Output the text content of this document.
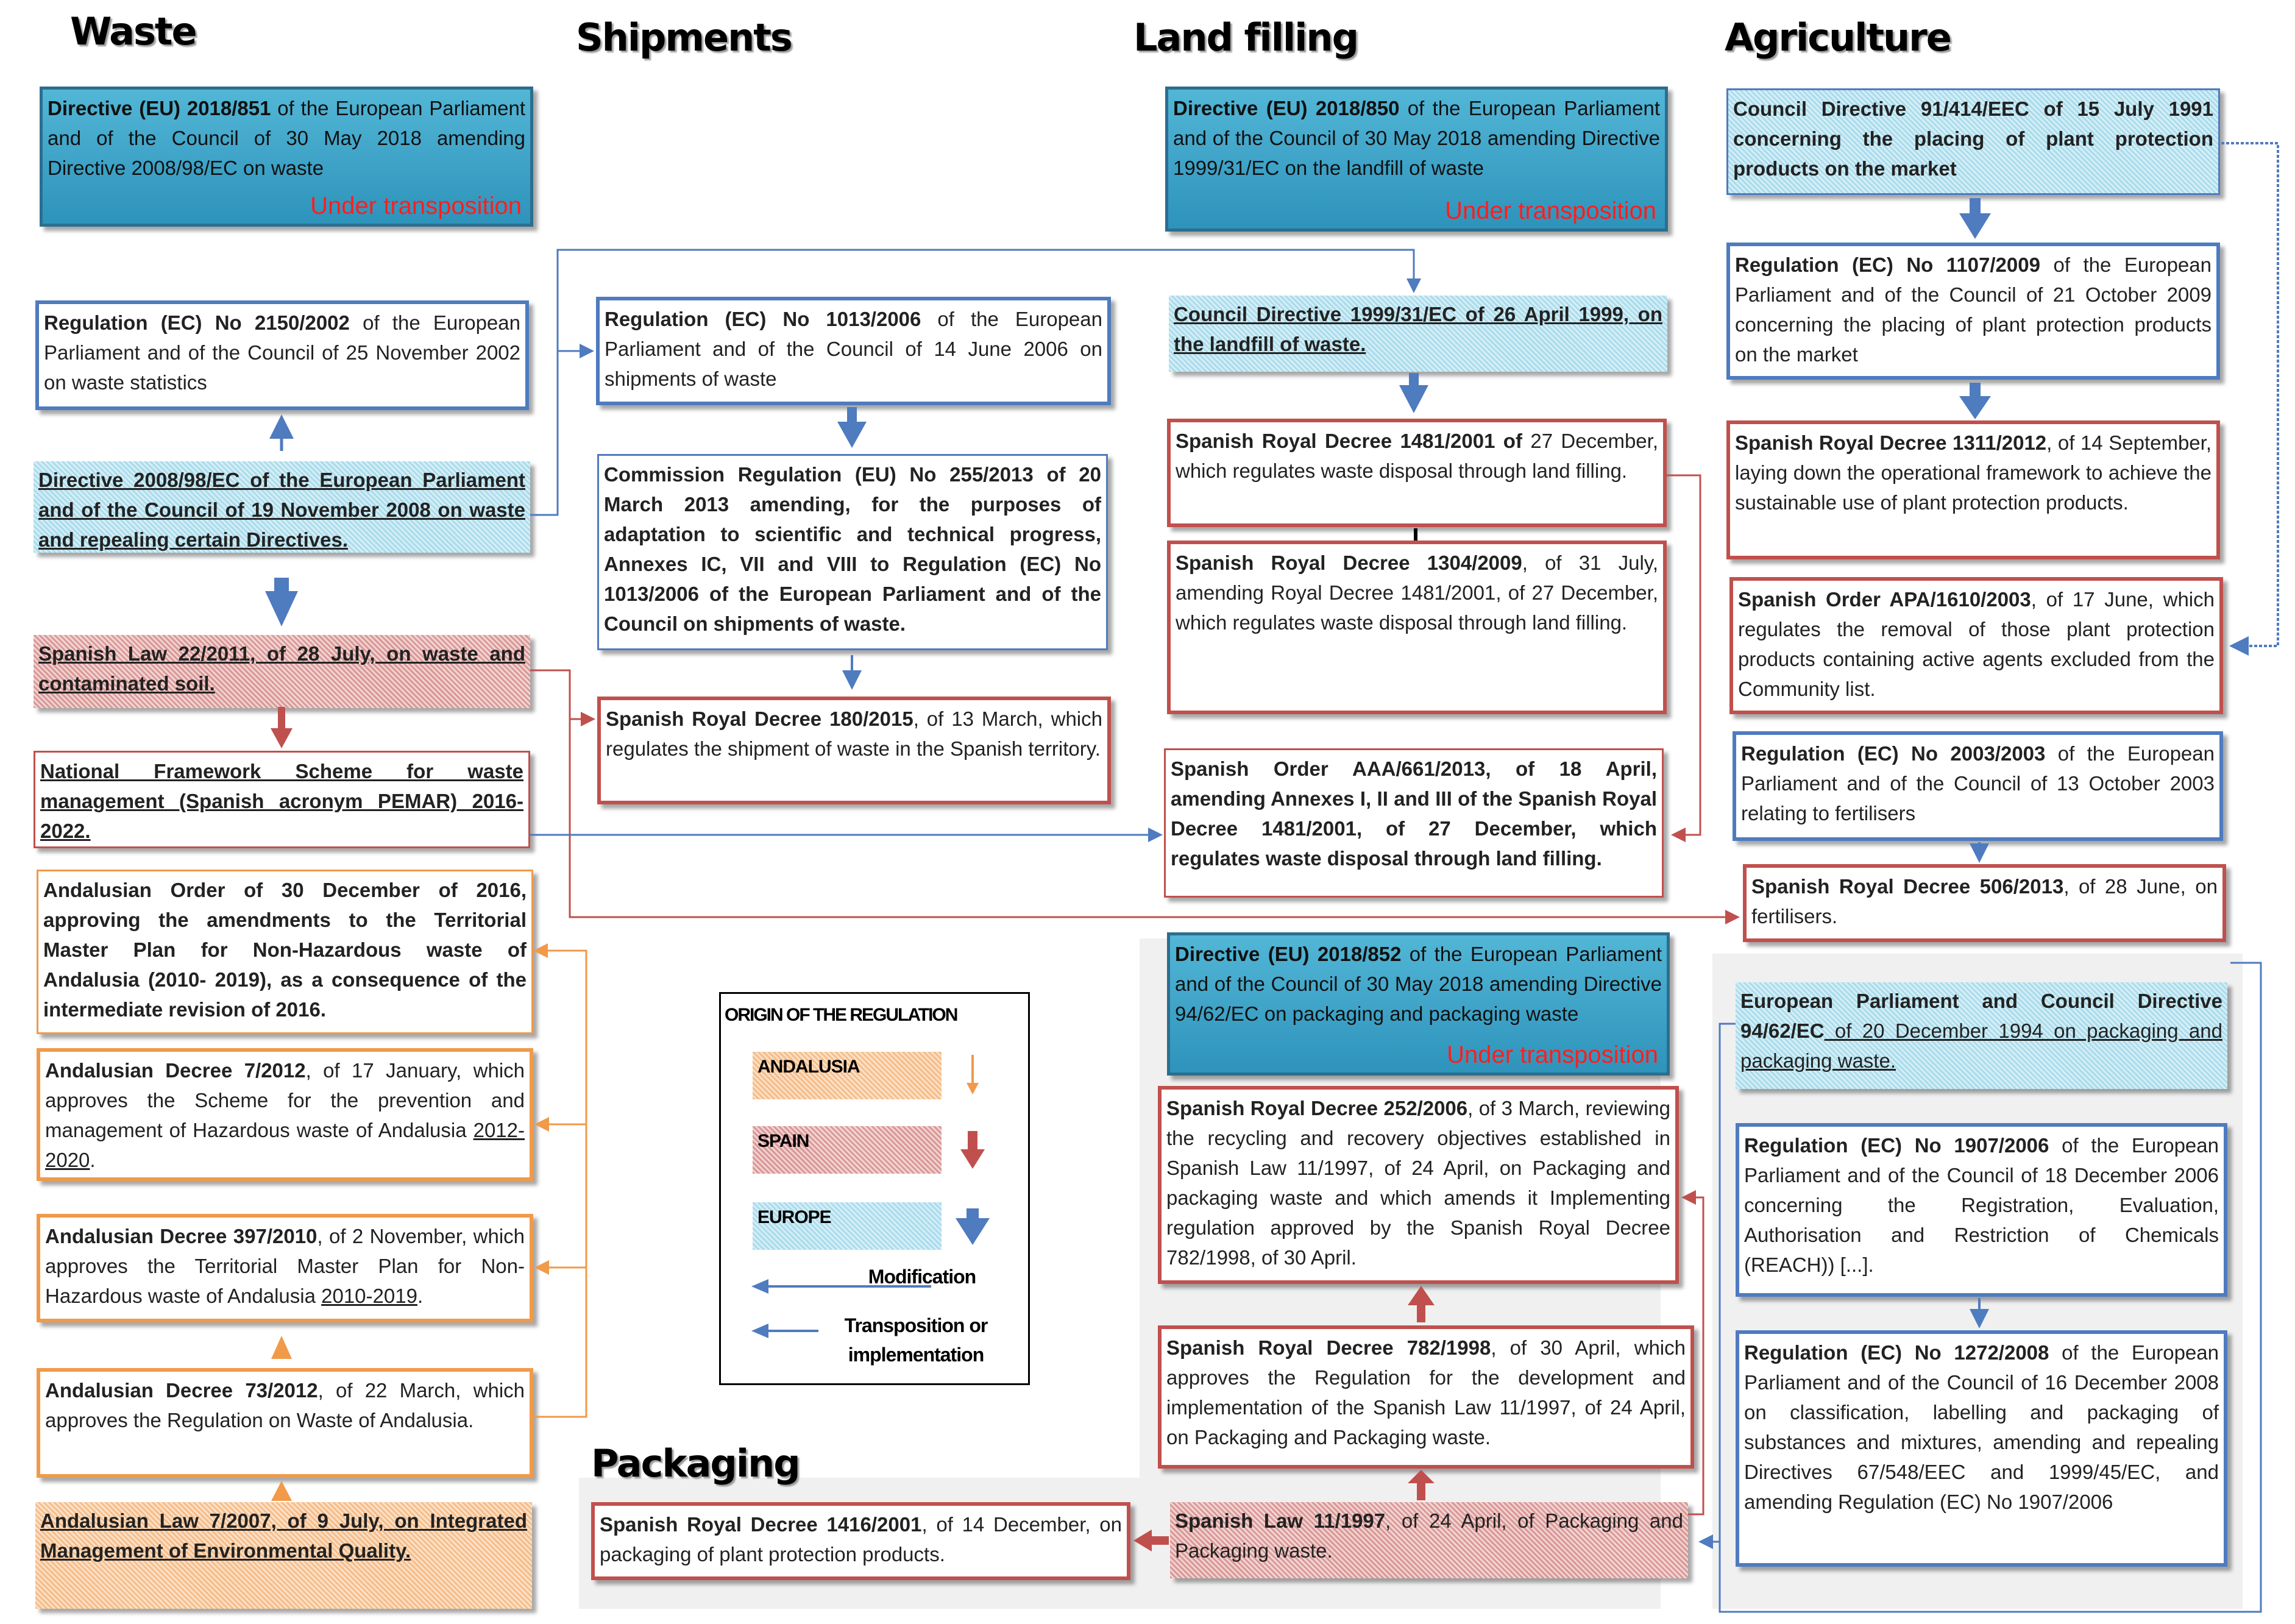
Waste	Shipments	Land filling	Agriculture
Packaging
Directive (EU) 2018/851 of the European Parliament and of the Council of 30 May 2018 amending Directive 2008/98/EC on waste
Under transposition
Regulation (EC) No 2150/2002 of the European Parliament and of the Council of 25 November 2002 on waste statistics
Directive 2008/98/EC of the European Parliament and of the Council of 19 November 2008 on waste and repealing certain Directives.
Spanish Law 22/2011, of 28 July, on waste and contaminated soil.
National Framework Scheme for waste management (Spanish acronym PEMAR) 2016-2022.
Andalusian Order of 30 December of 2016, approving the amendments to the Territorial Master Plan for Non-Hazardous waste of Andalusia (2010- 2019), as a consequence of the intermediate revision of 2016.
Andalusian Decree 7/2012, of 17 January, which approves the Scheme for the prevention and management of Hazardous waste of Andalusia 2012-2020.
Andalusian Decree 397/2010, of 2 November, which approves the Territorial Master Plan for Non-Hazardous waste of Andalusia 2010-2019.
Andalusian Decree 73/2012, of 22 March, which approves the Regulation on Waste of Andalusia.
Andalusian Law 7/2007, of 9 July, on Integrated Management of Environmental Quality.
Regulation (EC) No 1013/2006 of the European Parliament and of the Council of 14 June 2006 on shipments of waste
Commission Regulation (EU) No 255/2013 of 20 March 2013 amending, for the purposes of adaptation to scientific and technical progress, Annexes IC, VII and VIII to Regulation (EC) No 1013/2006 of the European Parliament and of the Council on shipments of waste.
Spanish Royal Decree 180/2015, of 13 March, which regulates the shipment of waste in the Spanish territory.
Directive (EU) 2018/850 of the European Parliament and of the Council of 30 May 2018 amending Directive 1999/31/EC on the landfill of waste
Under transposition
Council Directive 1999/31/EC of 26 April 1999, on the landfill of waste.
Spanish Royal Decree 1481/2001 of 27 December, which regulates waste disposal through land filling.
Spanish Royal Decree 1304/2009, of 31 July, amending Royal Decree 1481/2001, of 27 December, which regulates waste disposal through land filling.
Spanish Order AAA/661/2013, of 18 April, amending Annexes I, II and III of the Spanish Royal Decree 1481/2001, of 27 December, which regulates waste disposal through land filling.
Council Directive 91/414/EEC of 15 July 1991 concerning the placing of plant protection products on the market
Regulation (EC) No 1107/2009 of the European Parliament and of the Council of 21 October 2009 concerning the placing of plant protection products on the market
Spanish Royal Decree 1311/2012, of 14 September, laying down the operational framework to achieve the sustainable use of plant protection products.
Spanish Order APA/1610/2003, of 17 June, which regulates the removal of those plant protection products containing active agents excluded from the Community list.
Regulation (EC) No 2003/2003 of the European Parliament and of the Council of 13 October 2003 relating to fertilisers
Spanish Royal Decree 506/2013, of 28 June, on fertilisers.
Directive (EU) 2018/852 of the European Parliament and of the Council of 30 May 2018 amending Directive 94/62/EC on packaging and packaging waste
Under transposition
European Parliament and Council Directive 94/62/EC of 20 December 1994 on packaging and packaging waste.
Spanish Royal Decree 252/2006, of 3 March, reviewing the recycling and recovery objectives established in Spanish Law 11/1997, of 24 April, on Packaging and packaging waste and which amends it Implementing regulation approved by the Spanish Royal Decree 782/1998, of 30 April.
Spanish Royal Decree 782/1998, of 30 April, which approves the Regulation for the development and implementation of the Spanish Law 11/1997, of 24 April, on Packaging and Packaging waste.
Spanish Law 11/1997, of 24 April, of Packaging and Packaging waste.
Spanish Royal Decree 1416/2001, of 14 December, on packaging of plant protection products.
Regulation (EC) No 1907/2006 of the European Parliament and of the Council of 18 December 2006 concerning the Registration, Evaluation, Authorisation and Restriction of Chemicals (REACH)) [...].
Regulation (EC) No 1272/2008 of the European Parliament and of the Council of 16 December 2008 on classification, labelling and packaging of substances and mixtures, amending and repealing Directives 67/548/EEC and 1999/45/EC, and amending Regulation (EC) No 1907/2006
ORIGIN OF THE REGULATION
ANDALUSIA
SPAIN
EUROPE
Modification
Transposition or implementation
